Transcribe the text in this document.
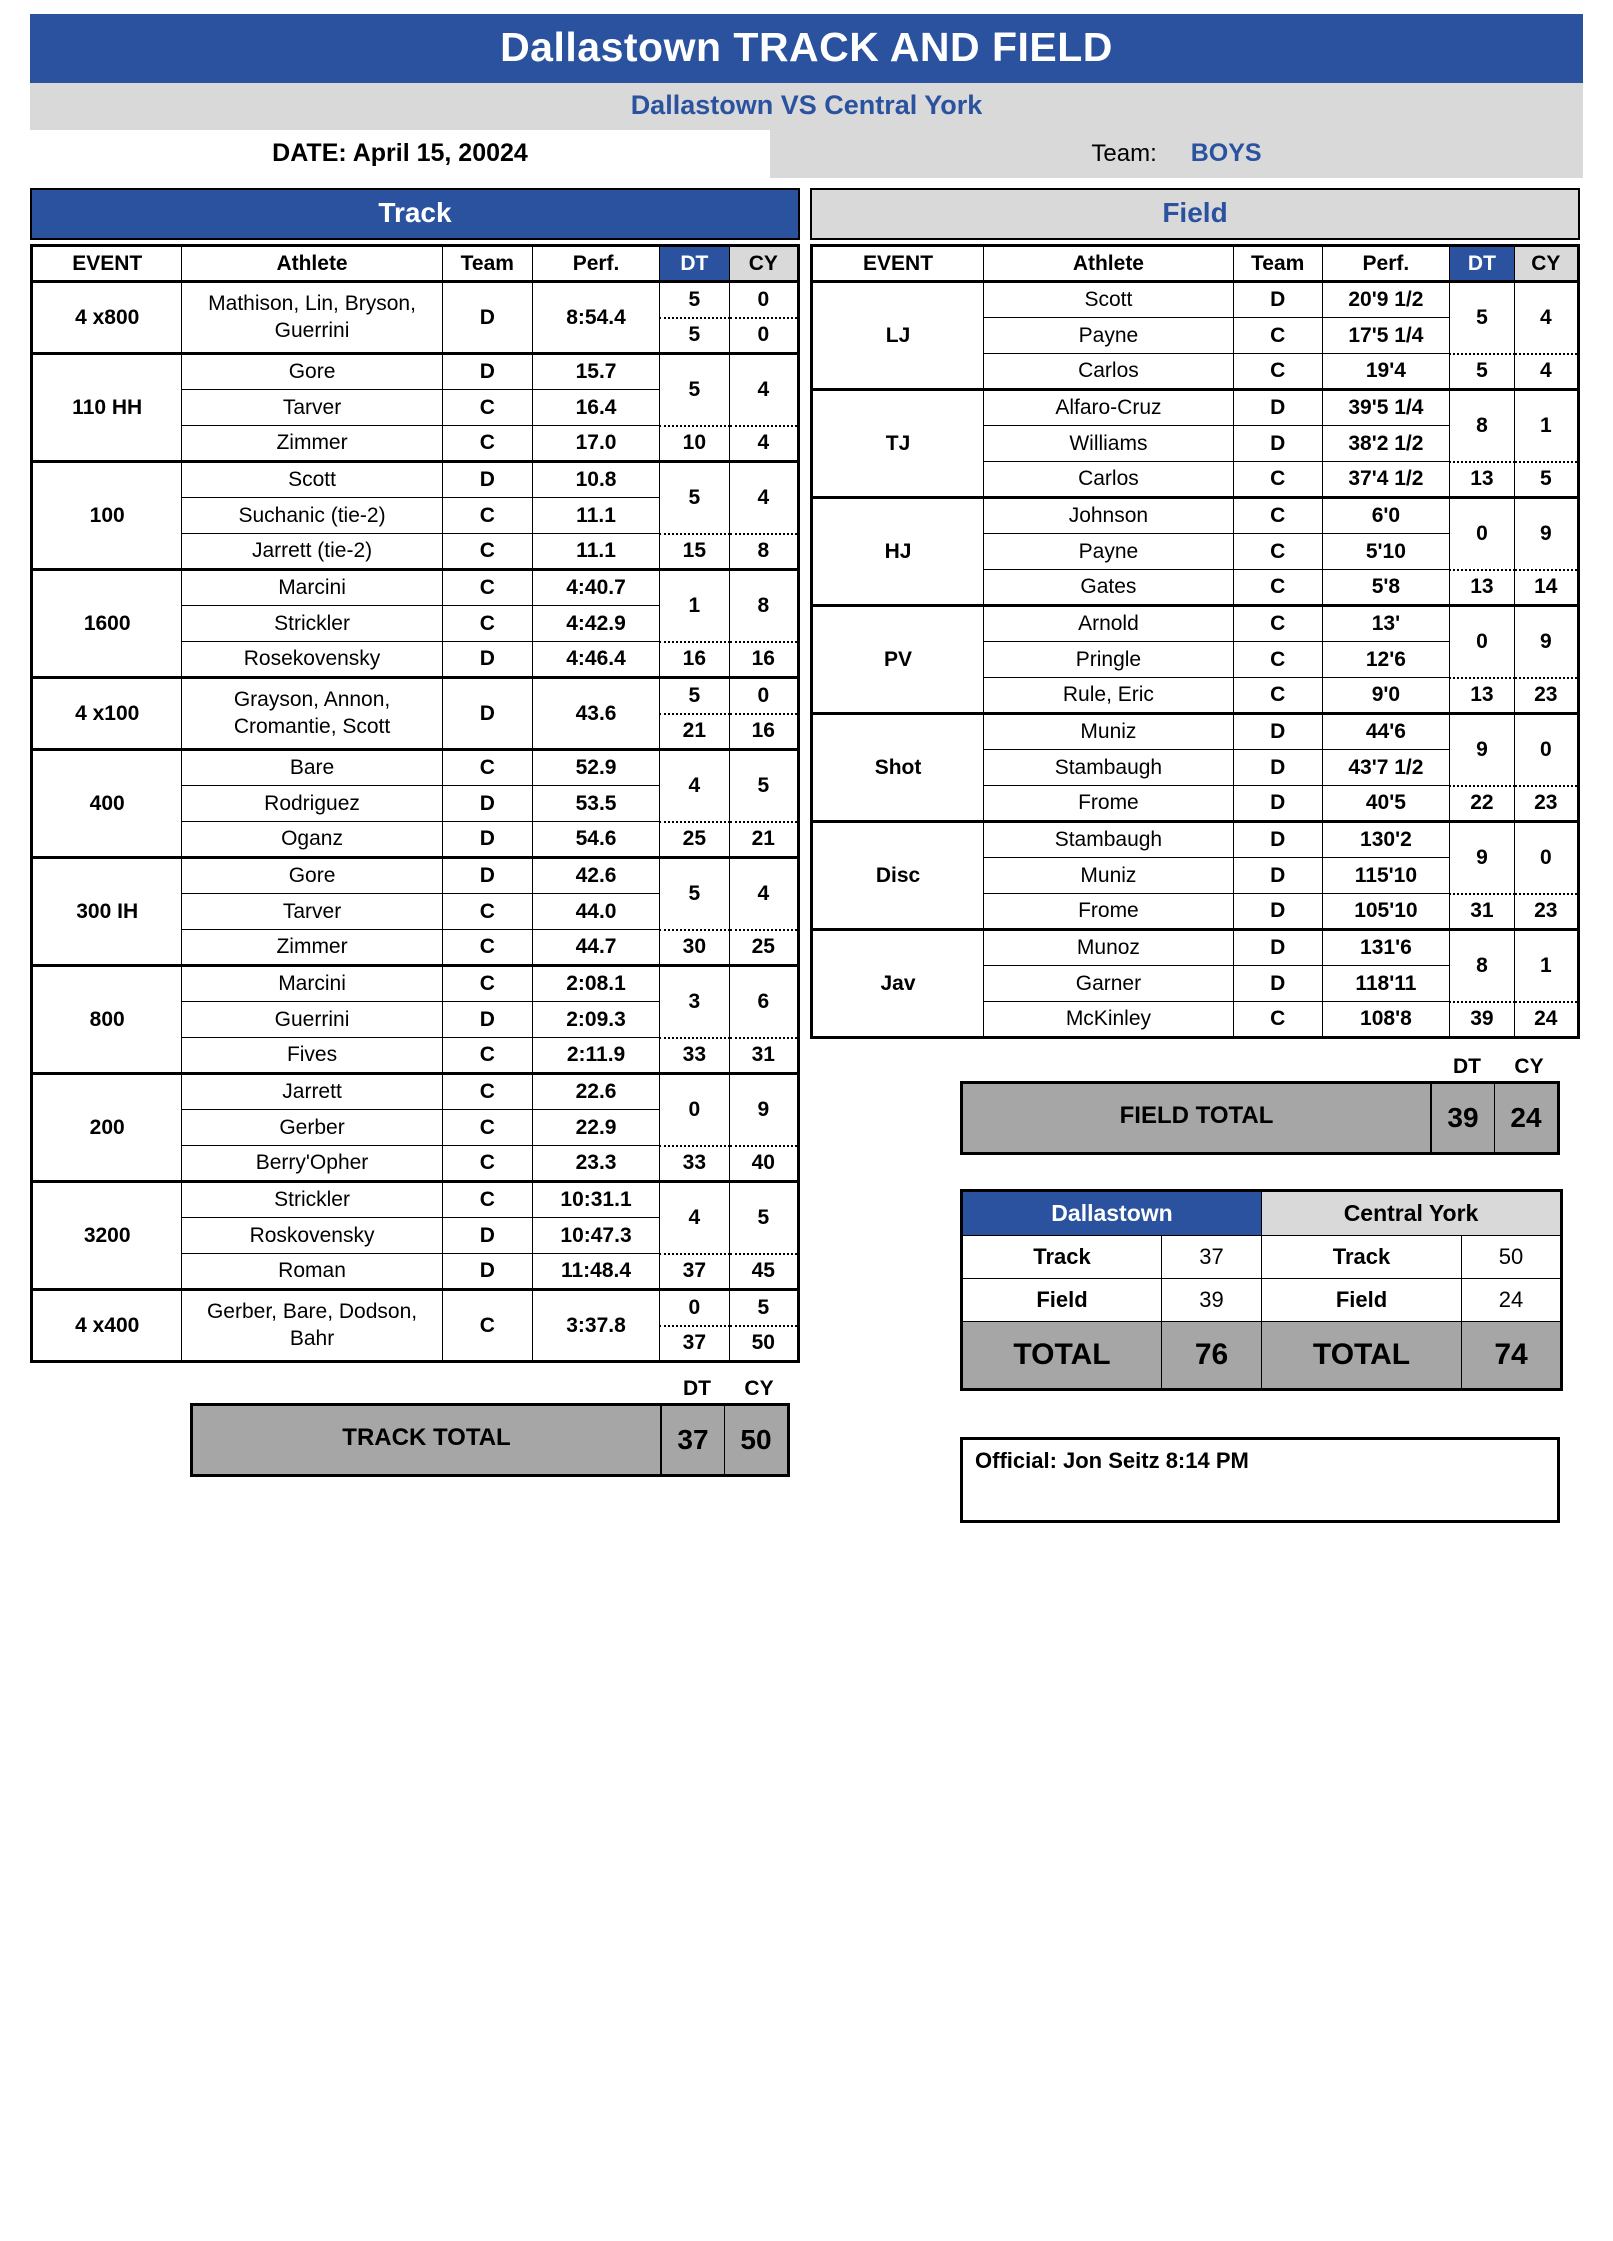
Dallastown TRACK AND FIELD
Dallastown VS Central York
DATE: April 15, 20024	Team: BOYS
Track
EVENT	Athlete	Team	Perf.	DT	CY
4 x800	Mathison, Lin, Bryson, Guerrini	D	8:54.4	5	0

				5	0
110 HH	Gore	D	15.7	5	4
	Tarver	C	16.4		
	Zimmer	C	17.0	10	4
100	Scott	D	10.8	5	4
	Suchanic (tie-2)	C	11.1		
	Jarrett (tie-2)	C	11.1	15	8
1600	Marcini	C	4:40.7	1	8
	Strickler	C	4:42.9		
	Rosekovensky	D	4:46.4	16	16
4 x100	Grayson, Annon, Cromantie, Scott	D	43.6	5	0

				21	16
400	Bare	C	52.9	4	5
	Rodriguez	D	53.5		
	Oganz	D	54.6	25	21
300 IH	Gore	D	42.6	5	4
	Tarver	C	44.0		
	Zimmer	C	44.7	30	25
800	Marcini	C	2:08.1	3	6
	Guerrini	D	2:09.3		
	Fives	C	2:11.9	33	31
200	Jarrett	C	22.6	0	9
	Gerber	C	22.9		
	Berry'Opher	C	23.3	33	40
3200	Strickler	C	10:31.1	4	5
	Roskovensky	D	10:47.3		
	Roman	D	11:48.4	37	45
4 x400	Gerber, Bare, Dodson, Bahr	C	3:37.8	0	5

				37	50
DT	CY
TRACK TOTAL	37	50
Field
EVENT	Athlete	Team	Perf.	DT	CY
LJ	Scott	D	20'9 1/2	5	4
	Payne	C	17'5 1/4		
	Carlos	C	19'4	5	4
TJ	Alfaro-Cruz	D	39'5 1/4	8	1
	Williams	D	38'2 1/2		
	Carlos	C	37'4 1/2	13	5
HJ	Johnson	C	6'0	0	9
	Payne	C	5'10		
	Gates	C	5'8	13	14
PV	Arnold	C	13'	0	9
	Pringle	C	12'6		
	Rule, Eric	C	9'0	13	23
Shot	Muniz	D	44'6	9	0
	Stambaugh	D	43'7 1/2		
	Frome	D	40'5	22	23
Disc	Stambaugh	D	130'2	9	0
	Muniz	D	115'10		
	Frome	D	105'10	31	23
Jav	Munoz	D	131'6	8	1
	Garner	D	118'11		
	McKinley	C	108'8	39	24
DT	CY
FIELD TOTAL	39	24
Dallastown		Central York	
Track	37	Track	50
Field	39	Field	24
TOTAL	76	TOTAL	74
Official: Jon Seitz 8:14 PM
